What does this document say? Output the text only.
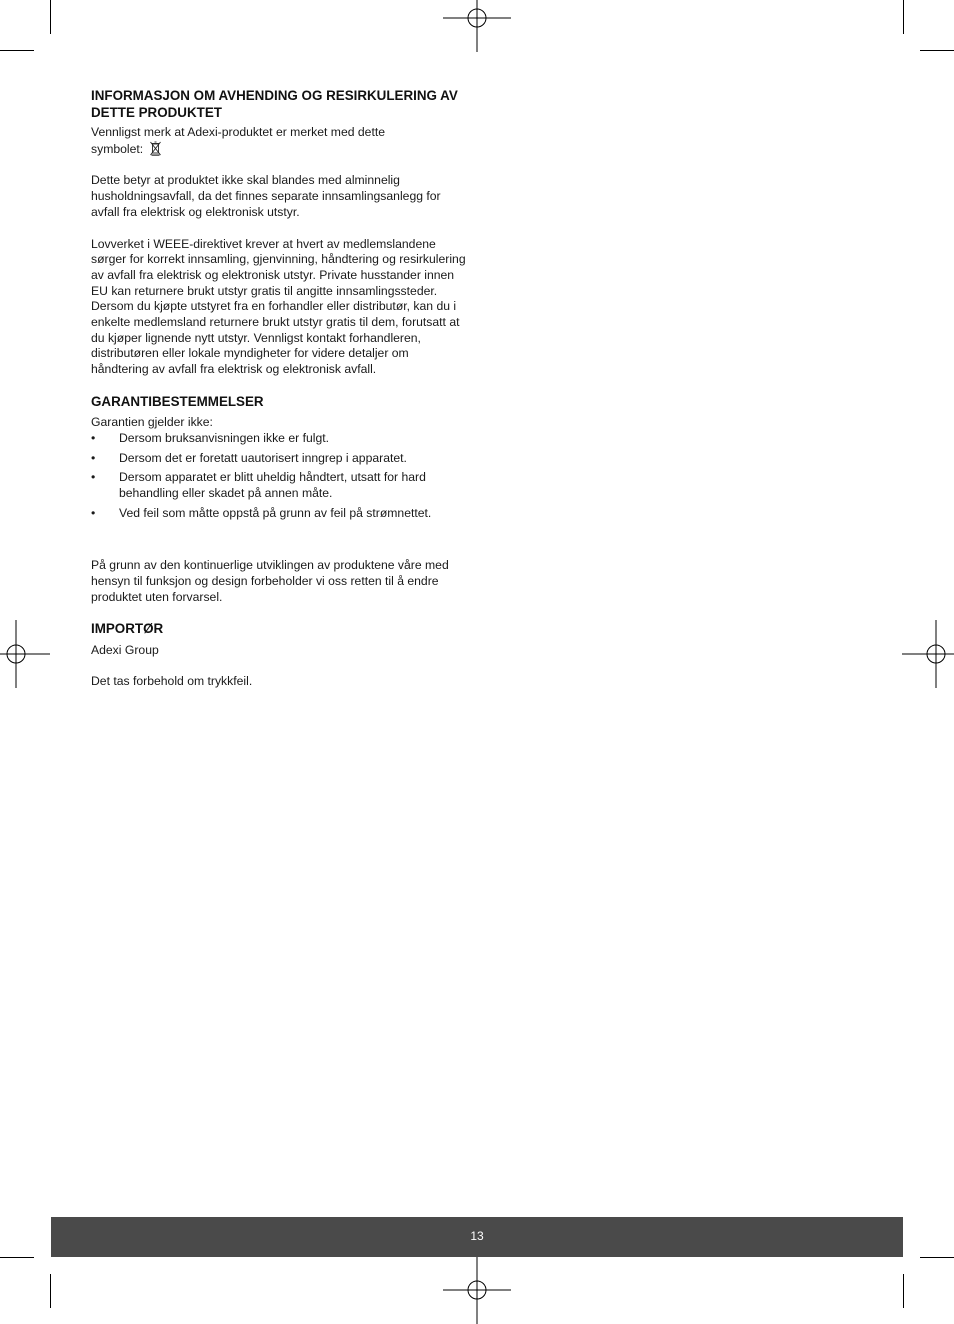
INFORMASJON OM AVHENDING OG RESIRKULERING AV DETTE PRODUKTET

Vennligst merk at Adexi-produktet er merket med dette
symbolet:

Dette betyr at produktet ikke skal blandes med alminnelig husholdningsavfall, da det finnes separate innsamlingsanlegg for avfall fra elektrisk og elektronisk utstyr.

Lovverket i WEEE-direktivet krever at hvert av medlemslandene sørger for korrekt innsamling, gjenvinning, håndtering og resirkulering av avfall fra elektrisk og elektronisk utstyr. Private husstander innen EU kan returnere brukt utstyr gratis til angitte innsamlingssteder. Dersom du kjøpte utstyret fra en forhandler eller distributør, kan du i enkelte medlemsland returnere brukt utstyr gratis til dem, forutsatt at du kjøper lignende nytt utstyr. Vennligst kontakt forhandleren, distributøren eller lokale myndigheter for videre detaljer om håndtering av avfall fra elektrisk og elektronisk avfall.

GARANTIBESTEMMELSER

Garantien gjelder ikke:

• Dersom bruksanvisningen ikke er fulgt.
• Dersom det er foretatt uautorisert inngrep i apparatet.
• Dersom apparatet er blitt uheldig håndtert, utsatt for hard behandling eller skadet på annen måte.
• Ved feil som måtte oppstå på grunn av feil på strømnettet.

På grunn av den kontinuerlige utviklingen av produktene våre med hensyn til funksjon og design forbeholder vi oss retten til å endre produktet uten forvarsel.

IMPORTØR

Adexi Group

Det tas forbehold om trykkfeil.

13
